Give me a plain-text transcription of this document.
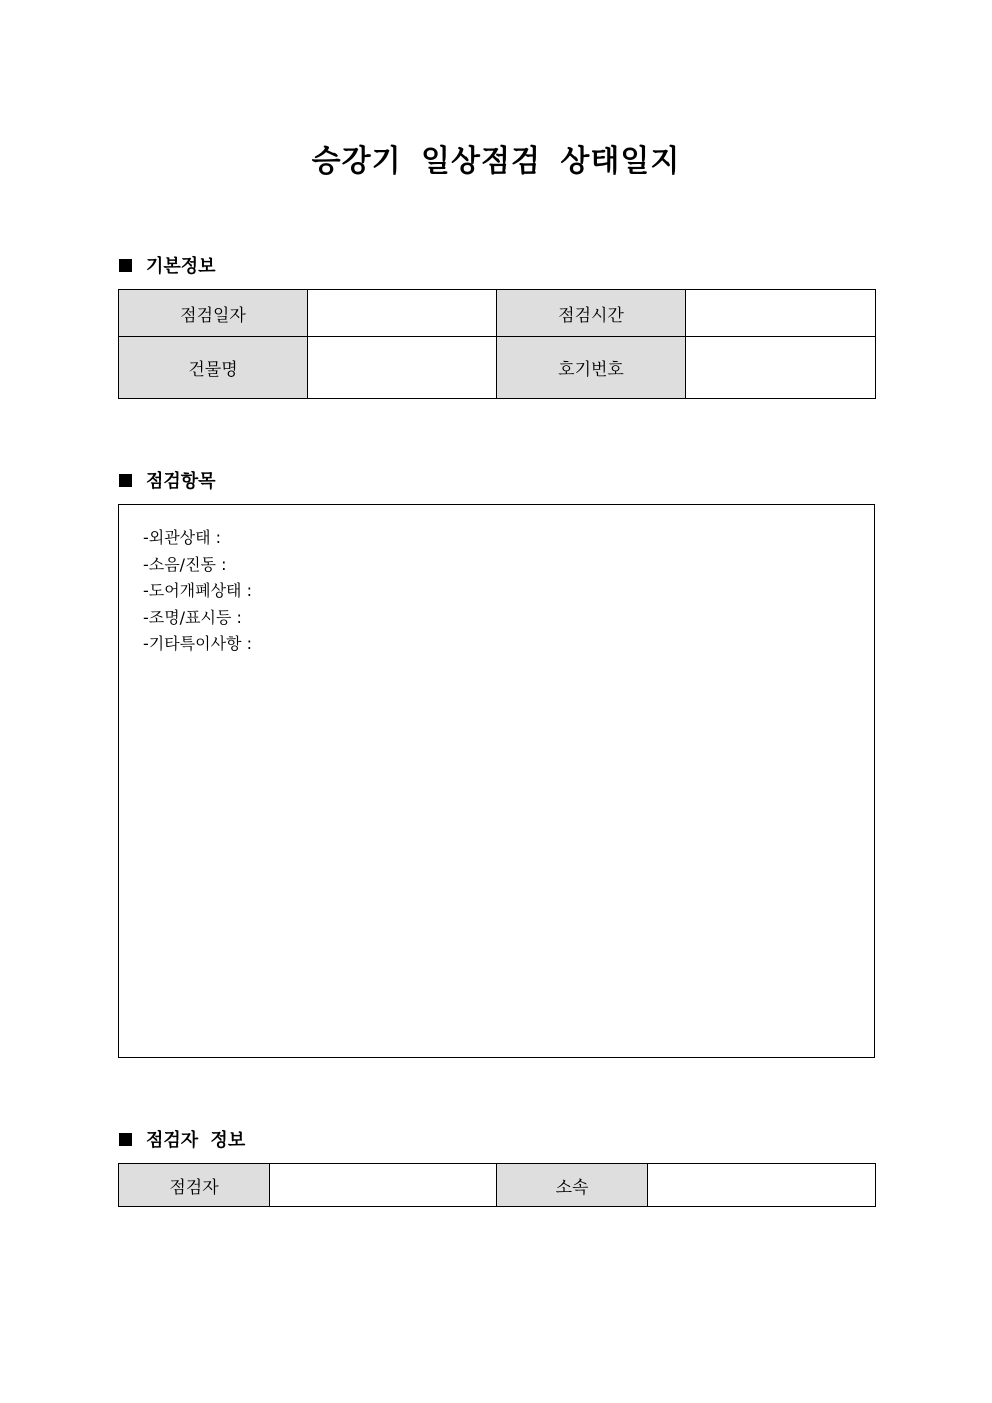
승강기 일상점검 상태일지
기본정보
점검일자		점검시간	
건물명		호기번호	
점검항목
-외관상태 :
-소음/진동 :
-도어개폐상태 :
-조명/표시등 :
-기타특이사항 :
점검자 정보
점검자		소속	
